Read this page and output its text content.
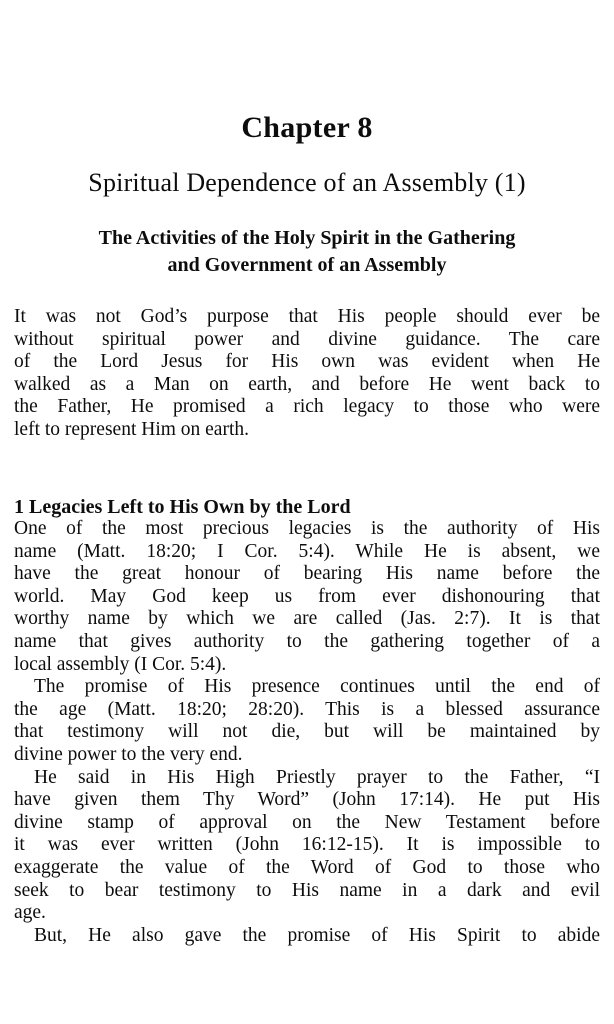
Chapter 8
Spiritual Dependence of an Assembly (1)
The Activities of the Holy Spirit in the Gathering
and Government of an Assembly
It was not God’s purpose that His people should ever be
without spiritual power and divine guidance. The care
of the Lord Jesus for His own was evident when He
walked as a Man on earth, and before He went back to
the Father, He promised a rich legacy to those who were
left to represent Him on earth.
1 Legacies Left to His Own by the Lord
One of the most precious legacies is the authority of His
name (Matt. 18:20; I Cor. 5:4). While He is absent, we
have the great honour of bearing His name before the
world. May God keep us from ever dishonouring that
worthy name by which we are called (Jas. 2:7). It is that
name that gives authority to the gathering together of a
local assembly (I Cor. 5:4).
The promise of His presence continues until the end of
the age (Matt. 18:20; 28:20). This is a blessed assurance
that testimony will not die, but will be maintained by
divine power to the very end.
He said in His High Priestly prayer to the Father, “I
have given them Thy Word” (John 17:14). He put His
divine stamp of approval on the New Testament before
it was ever written (John 16:12-15). It is impossible to
exaggerate the value of the Word of God to those who
seek to bear testimony to His name in a dark and evil
age.
But, He also gave the promise of His Spirit to abide
